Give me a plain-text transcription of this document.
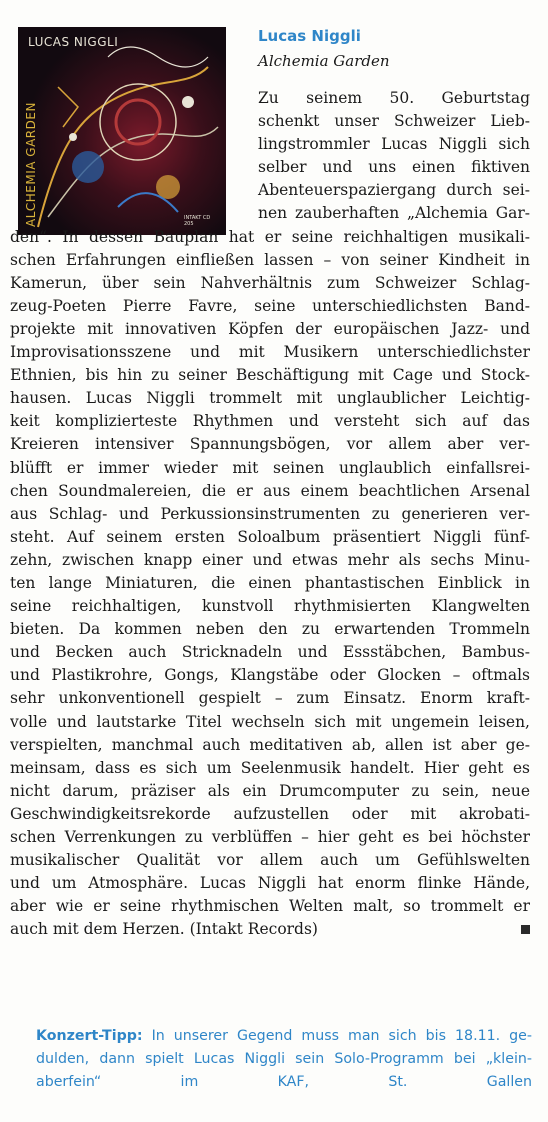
LUCAS NIGGLI
ALCHEMIA GARDEN	INTAKT CD 205
Lucas Niggli
Alchemia Garden
Zu seinem 50. Geburtstag
schenkt unser Schweizer Lieb-
lingstrommler Lucas Niggli sich
selber und uns einen fiktiven
Abenteuerspaziergang durch sei-
nen zauberhaften „Alchemia Gar-
den“. In dessen Bauplan hat er seine reichhaltigen musikali-
schen Erfahrungen einfließen lassen – von seiner Kindheit in
Kamerun, über sein Nahverhältnis zum Schweizer Schlag-
zeug-Poeten Pierre Favre, seine unterschiedlichsten Band-
projekte mit innovativen Köpfen der europäischen Jazz- und
Improvisationsszene und mit Musikern unterschiedlichster
Ethnien, bis hin zu seiner Beschäftigung mit Cage und Stock-
hausen. Lucas Niggli trommelt mit unglaublicher Leichtig-
keit komplizierteste Rhythmen und versteht sich auf das
Kreieren intensiver Spannungsbögen, vor allem aber ver-
blüfft er immer wieder mit seinen unglaublich einfallsrei-
chen Soundmalereien, die er aus einem beachtlichen Arsenal
aus Schlag- und Perkussionsinstrumenten zu generieren ver-
steht. Auf seinem ersten Soloalbum präsentiert Niggli fünf-
zehn, zwischen knapp einer und etwas mehr als sechs Minu-
ten lange Miniaturen, die einen phantastischen Einblick in
seine reichhaltigen, kunstvoll rhythmisierten Klangwelten
bieten. Da kommen neben den zu erwartenden Trommeln
und Becken auch Stricknadeln und Essstäbchen, Bambus-
und Plastikrohre, Gongs, Klangstäbe oder Glocken – oftmals
sehr unkonventionell gespielt – zum Einsatz. Enorm kraft-
volle und lautstarke Titel wechseln sich mit ungemein leisen,
verspielten, manchmal auch meditativen ab, allen ist aber ge-
meinsam, dass es sich um Seelenmusik handelt. Hier geht es
nicht darum, präziser als ein Drumcomputer zu sein, neue
Geschwindigkeitsrekorde aufzustellen oder mit akrobati-
schen Verrenkungen zu verblüffen – hier geht es bei höchster
musikalischer Qualität vor allem auch um Gefühlswelten
und um Atmosphäre. Lucas Niggli hat enorm flinke Hände,
aber wie er seine rhythmischen Welten malt, so trommelt er
auch mit dem Herzen. (Intakt Records)
Konzert-Tipp: In unserer Gegend muss man sich bis 18.11. ge-
dulden, dann spielt Lucas Niggli sein Solo-Programm bei „klein-
aberfein“ im KAF, St. Gallen
